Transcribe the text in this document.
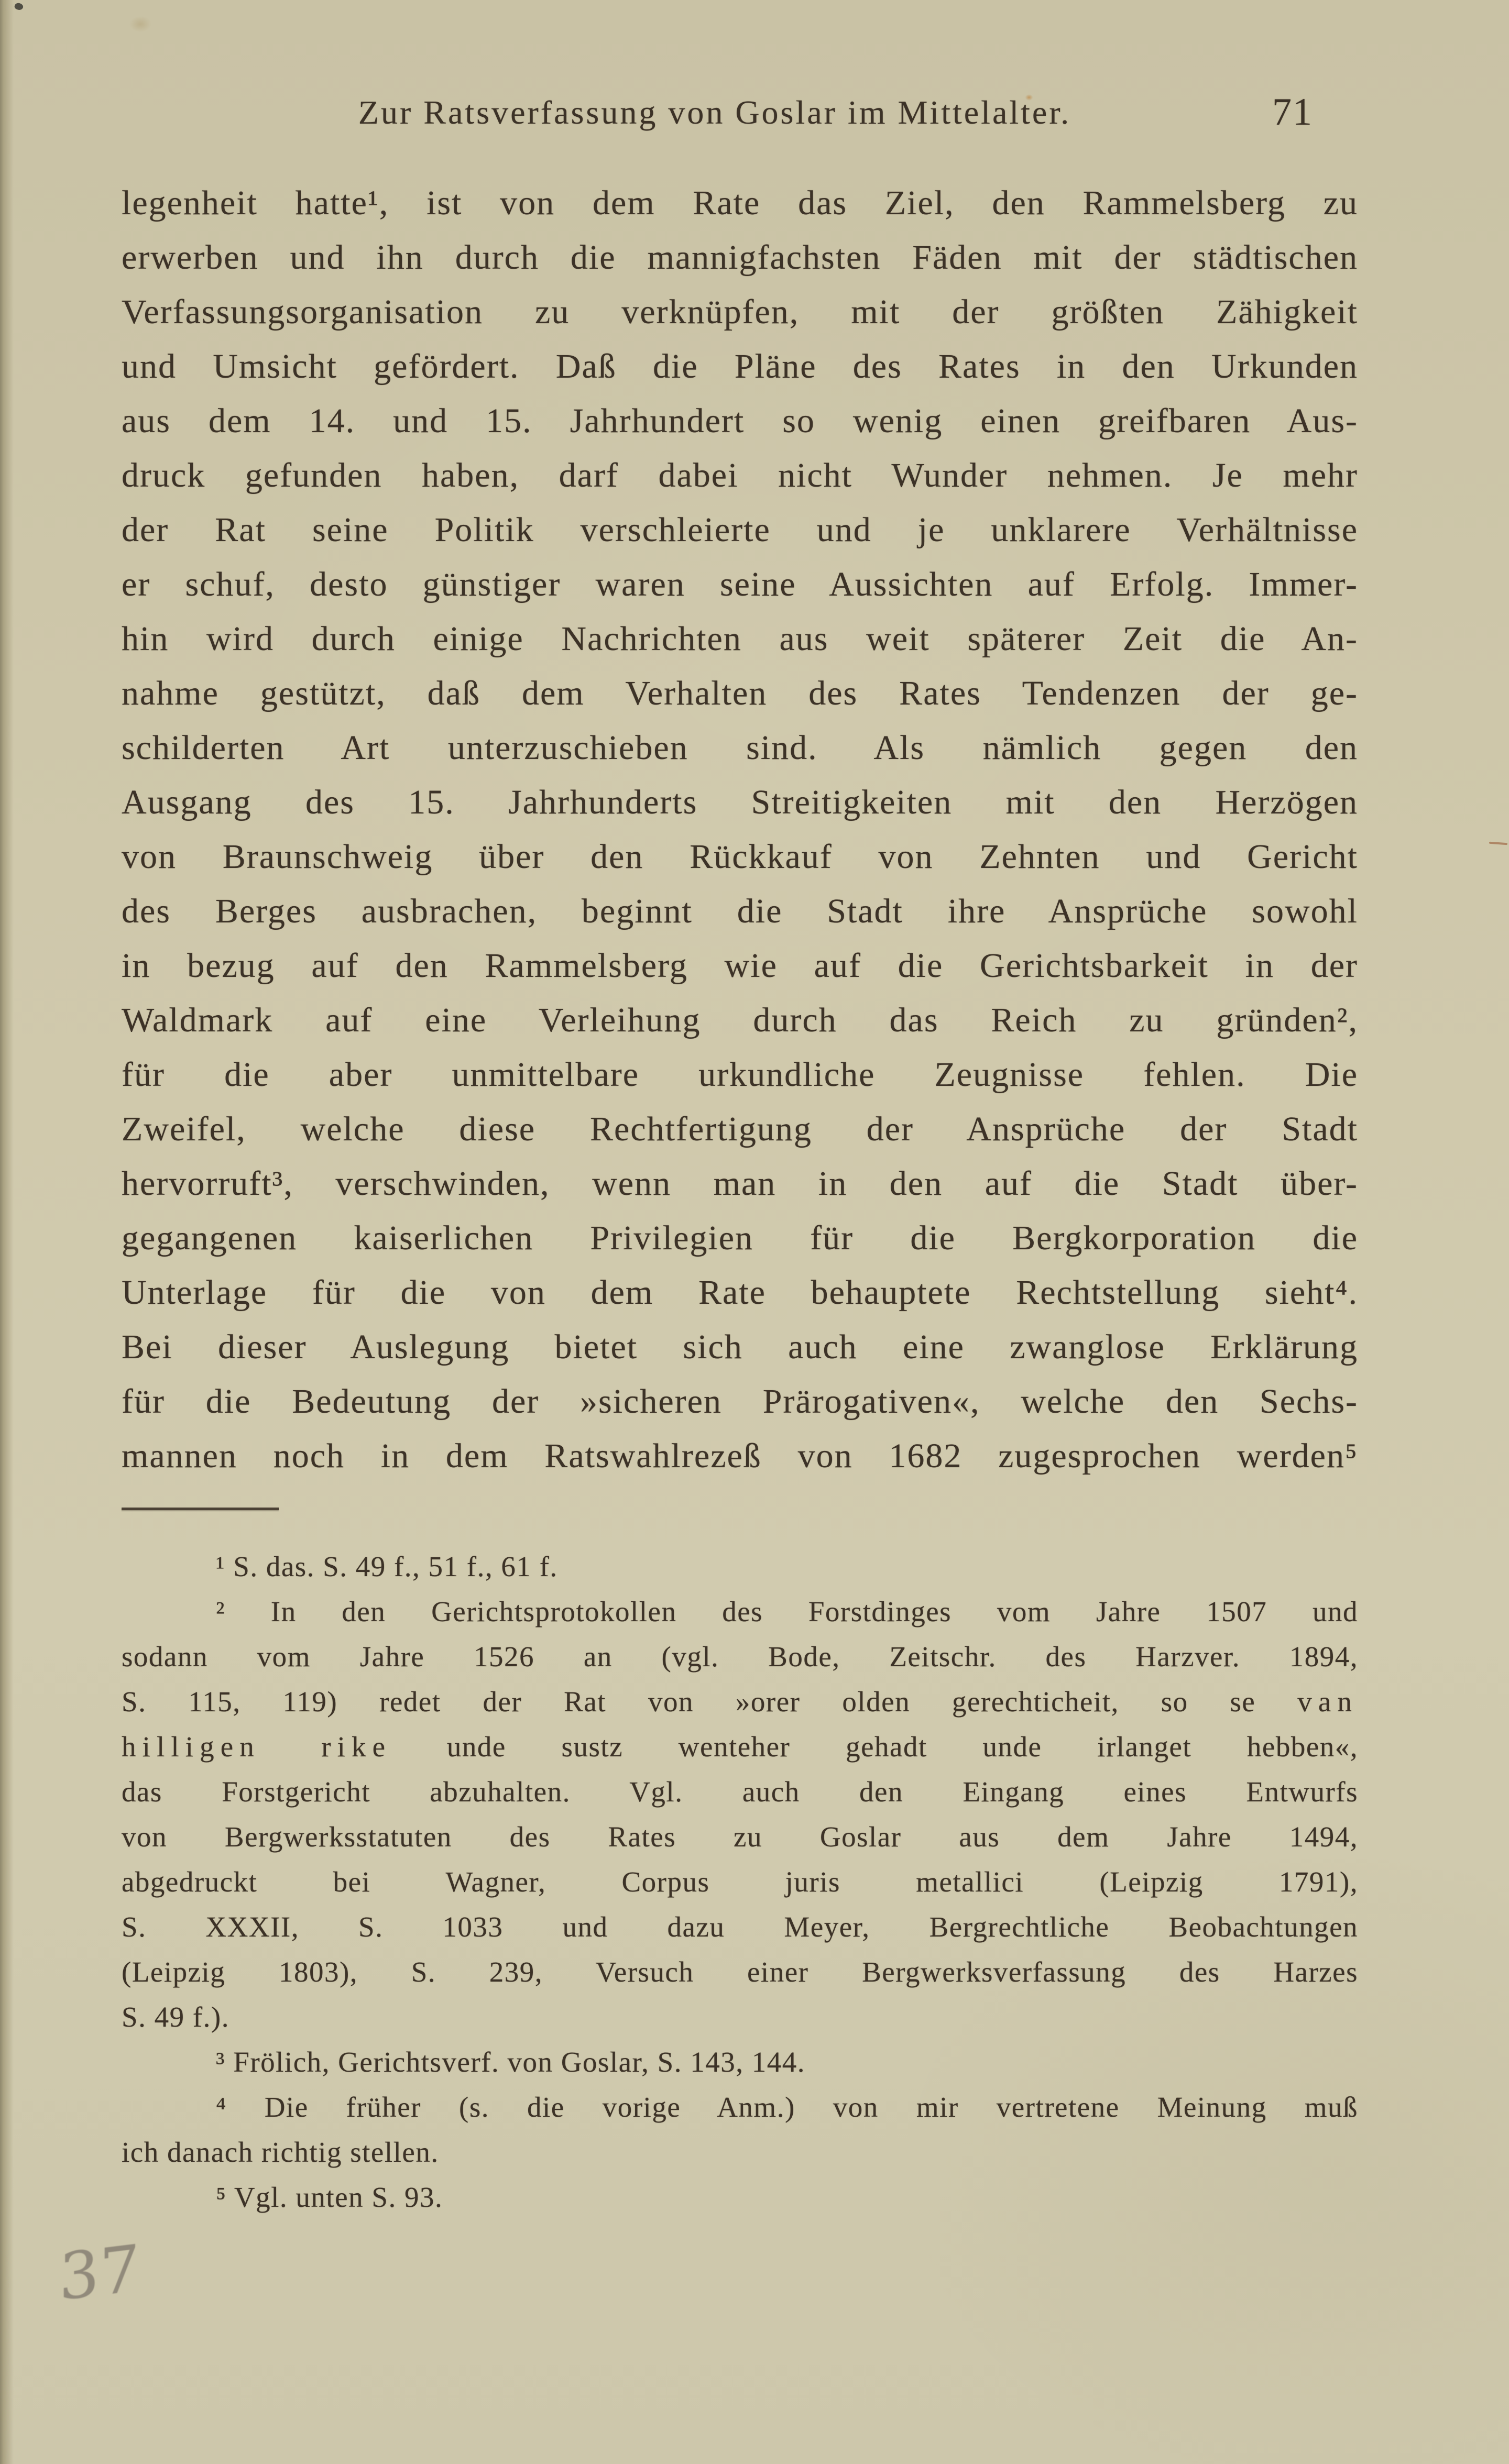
Zur Ratsverfassung von Goslar im Mittelalter.	71
legenheit hatte¹, ist von dem Rate das Ziel, den Rammelsberg zu
erwerben und ihn durch die mannigfachsten Fäden mit der städtischen
Verfassungsorganisation zu verknüpfen, mit der größten Zähigkeit
und Umsicht gefördert. Daß die Pläne des Rates in den Urkunden
aus dem 14. und 15. Jahrhundert so wenig einen greifbaren Aus-
druck gefunden haben, darf dabei nicht Wunder nehmen. Je mehr
der Rat seine Politik verschleierte und je unklarere Verhältnisse
er schuf, desto günstiger waren seine Aussichten auf Erfolg. Immer-
hin wird durch einige Nachrichten aus weit späterer Zeit die An-
nahme gestützt, daß dem Verhalten des Rates Tendenzen der ge-
schilderten Art unterzuschieben sind. Als nämlich gegen den
Ausgang des 15. Jahrhunderts Streitigkeiten mit den Herzögen
von Braunschweig über den Rückkauf von Zehnten und Gericht
des Berges ausbrachen, beginnt die Stadt ihre Ansprüche sowohl
in bezug auf den Rammelsberg wie auf die Gerichtsbarkeit in der
Waldmark auf eine Verleihung durch das Reich zu gründen²,
für die aber unmittelbare urkundliche Zeugnisse fehlen. Die
Zweifel, welche diese Rechtfertigung der Ansprüche der Stadt
hervorruft³, verschwinden, wenn man in den auf die Stadt über-
gegangenen kaiserlichen Privilegien für die Bergkorporation die
Unterlage für die von dem Rate behauptete Rechtstellung sieht⁴.
Bei dieser Auslegung bietet sich auch eine zwanglose Erklärung
für die Bedeutung der »sicheren Prärogativen«, welche den Sechs-
mannen noch in dem Ratswahlrezeß von 1682 zugesprochen werden⁵
¹ S. das. S. 49 f., 51 f., 61 f.
² In den Gerichtsprotokollen des Forstdinges vom Jahre 1507 und
sodann vom Jahre 1526 an (vgl. Bode, Zeitschr. des Harzver. 1894,
S. 115, 119) redet der Rat von »orer olden gerechticheit, so se van
hilligen rike unde sustz wenteher gehadt unde irlanget hebben«,
das Forstgericht abzuhalten. Vgl. auch den Eingang eines Entwurfs
von Bergwerksstatuten des Rates zu Goslar aus dem Jahre 1494,
abgedruckt bei Wagner, Corpus juris metallici (Leipzig 1791),
S. XXXII, S. 1033 und dazu Meyer, Bergrechtliche Beobachtungen
(Leipzig 1803), S. 239, Versuch einer Bergwerksverfassung des Harzes
S. 49 f.).
³ Frölich, Gerichtsverf. von Goslar, S. 143, 144.
⁴ Die früher (s. die vorige Anm.) von mir vertretene Meinung muß
ich danach richtig stellen.
⁵ Vgl. unten S. 93.
37
